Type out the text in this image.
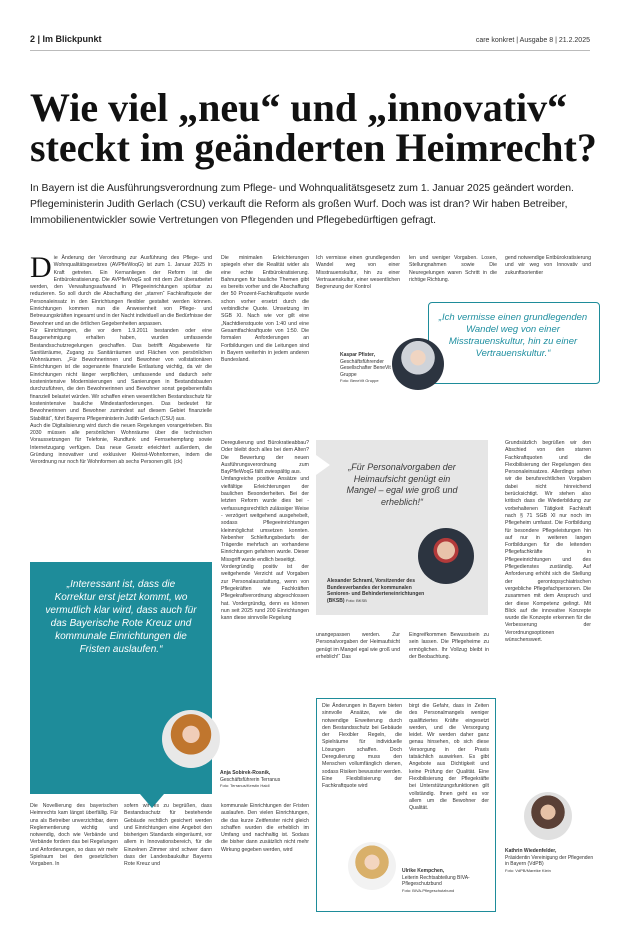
2 | Im Blickpunkt	care konkret | Ausgabe 8 | 21.2.2025
Wie viel „neu“ und „innovativ“
steckt im geänderten Heimrecht?
In Bayern ist die Ausführungsverordnung zum Pflege- und Wohnqualitätsgesetz zum 1. Januar 2025 geändert worden. Pflegeministerin Judith Gerlach (CSU) verkauft die Reform als großen Wurf. Doch was ist dran? Wir haben Betreiber, Immobilienentwickler sowie Vertretungen von Pflegenden und Pflegebedürftigen gefragt.
Die Änderung der Verordnung zur Ausführung des Pflege- und Wohnqualitätsgesetzes (AVPfleWoqG) ist zum 1. Januar 2025 in Kraft getreten. Ein Kernanliegen der Reform ist die Entbürokratisierung. Die AVPfleWoqG soll mit dem Ziel überarbeitet werden, den Verwaltungsaufwand in Pflegeeinrichtungen spürbar zu reduzieren. So soll durch die Abschaffung der „starren“ Fachkraftquote der Personaleinsatz in den Einrichtungen flexibler gestaltet werden können. Einrichtungen kommen nun die Anwesenheit von Pflege- und Betreuungskräften ingesamt und in der Nacht individuell an die Bedürfnisse der Bewohner und an die örtlichen Gegebenheiten anpassen.
Für Einrichtungen, die vor dem 1.9.2011 bestanden oder eine Baugenehmigung erhalten haben, wurden umfassende Bestandsschutzregelungen geschaffen. Das betrifft Abgabewerte für Sanitärräume, Zugang zu Sanitärräumen und Flächen von persönlichen Wohnräumen. „Für Bewohnerinnen und Bewohner von vollstationären Einrichtungen ist die sogenannte finanzielle Entlastung wichtig, da wir die Einrichtungen nicht länger verpflichten, umfassende und dadurch sehr kostenintensive Modernisierungen und Sanierungen in Bestandsbauten durchzuführen, die den Bewohnerinnen und Bewohner sonst gegebenenfalls finanziell belastet würden. Wir schaffen einen wesentlichen Bestandsschutz für kostenintensive bauliche Mindestanforderungen. Das bedeutet für Bewohnerinnen und Bewohner zumindest auf diesem Gebiet finanzielle Stabilität“, führt Bayerns Pflegeministerin Judith Gerlach (CSU) aus.
Auch die Digitalisierung wird durch die neuen Regelungen vorangetrieben. Bis 2030 müssen alle persönlichen Wohnräume über die technischen Voraussetzungen für Telefonie, Rundfunk und Fernsehempfang sowie Internetzugang verfügen. Das neue Gesetz erleichtert außerdem, die Gründung innovativer und exklusiver Kleinst-Wohnformen, indem die Verordnung nur noch für Wohnformen ab sechs Personen gilt. (ck)
Die minimalen Erleichterungen spiegeln eher die Realität wider als eine echte Entbürokratisierung. Bahnungen für bauliche Themen gibt es bereits vorher und die Abschaffung der 50 Prozent-Fachkraftquote wurde schon vorher ersetzt durch die verbindliche Quote. Umsetzung im SGB XI. Nach wie vor gilt eine „Nachtdienstquote von 1:40 und eine Gesamtfachkraftquote von 1:50. Die formalen Anforderungen an Fortbildungen und die Leitungen sind in Bayern weiterhin in jedem anderen Bundesland.
Ich vermisse einen grundlegenden Wandel weg von einer Misstrauenskultur, hin zu einer Vertrauenskultur, einer wesentlichen Begrenzung der Kontrol
len und weniger Vorgaben. Losen, Stellungnahmen sowie Die Neuregelungen waren Schritt in die richtige Richtung.
gend notwendige Entbürokratisierung und wir weg von Innovativ und zukunftsorientier
„Ich vermisse einen grundlegenden Wandel weg von einer Misstrauenskultur, hin zu einer Vertrauenskultur.“
Kaspar Pfister,
Geschäftsführender Gesellschafter BeneVit Gruppe
Foto: BeneVit Gruppe
Deregulierung und Bürokratieabbau? Oder bleibt doch alles bei dem Alten? Die Bewertung der neuen Ausführungsverordnung zum BayPfleWoqG fällt zwiespältig aus.
Umfangreiche positive Ansätze und vielfältige Erleichterungen der baulichen Besonderheiten. Bei der letzten Reform wurde dies bei - verfassungsrechtlich zulässiger Weise - verzögert weitgehend ausgehebelt, sodass Pflegeeinrichtungen kleinmöglichst umsetzen konnten. Nebenher Schleifungsbedarfs der Trägerdie mehrfach an vorhandene Einrichtungen gefahren wurde. Dieser Missgriff wurde endlich beseitigt.
Vordergründig positiv ist der weitgehende Verzicht auf Vorgaben zur Personalausstattung, wenn von Pflegekräften wie Fachkräften Pflegekraftverordnung abgeschlossen hat. Vordergründig, denn es können nun seit 2025 rund 200 Einrichtungen kann diese sinnvolle Regelung
„Für Personalvorgaben der Heimaufsicht genügt ein Mangel – egal wie groß und erheblich!“
Alexander Schraml, Vorsitzender des Bundesverbandes der kommunalen Senioren- und Behinderteneinrichtungen (BKSB) Foto: BKSB
unangepassen werden. Zur Personalvorgaben der Heimaufsicht genügt im Mangel egal wie groß und erheblich!“ Das
Eingreifkommen Bewusstsein zu sein lassen. Die Pflegeheime zu ermöglichen. Ihr Vollzug bleibt in der Beobachtung.
Grundsätzlich begrüßen wir den Abschied von den starren Fachkraftquoten und die Flexibilisierung der Regelungen des Personaleinsatzes. Allerdings sehen wir die berufsrechtlichen Vorgaben dabei nicht hinreichend berücksichtigt. Wir stehen also kritisch dass die Wiederbildung zur vorbehaltenen Tätigkeit Fachkraft nach § 71 SGB XI nur noch im Pflegeheim umfasst. Die Fortbildung für besondere Pflegeleistungen hin auf nur in weiteren langen Fortbildungen für die leitenden Pflegefachkräfte in Pflegeeinrichtungen und des Pflegedienstes zuständig. Auf Anforderung erhöht sich die Stellung der gerontopsychiatrischen vergebliche Pflegefachpersonen. Die zusammen mit dem Anspruch und der diese Kompetenz gelingt. Mit Blick auf die innovative Konzepte wurde die Konzepte erkennen für die Verbesserung der Verordnungsoptionen wünschenswert.
„Interessant ist, dass die Korrektur erst jetzt kommt, wo vermutlich klar wird, dass auch für das Bayerische Rote Kreuz und kommunale Einrichtungen die Fristen auslaufen.“
Anja Sobirek-Rosnik,
Geschäftsführerin Terranus
Foto: Terranus/Kerstin Haidl
Die Novellierung des bayerischen Heimrechts kam längst überfällig. Für uns als Betreiber unverzichtbar, denn Reglementierung wichtig und notwendig, doch wie Verbände und Verbände fordern das bei Regelungen und Anforderungen, so dass wir mehr Spielraum bei den gesetzlichen Vorgaben. In
sofern wir es zu begrüßen, dass Bestandsschutz für bestehende Gebäude rechtlich gesichert werden und Einrichtungen eine Angebot den bisherigen Standards eingeräumt, vor allem in Innovationsbereich, für die Einzelnen Zimmer sind schwer dann dass der Landesbaukultur Bayerns Rote Kreuz und
kommunale Einrichtungen der Fristen auslaufen. Den vielen Einrichtungen, die das kurze Zeitfenster nicht gleich schaffen wurden die erheblich im Umfang und nachhaltig ist. Sodass die bisher dann zusätzlich nicht mehr Wirkung gegeben werden, wird
Die Änderungen in Bayern bieten sinnvolle Ansätze, wie die notwendige Erweiterung durch den Bestandsschutz bei Gebäude der Flexibler Regeln, die Spielräume für individuelle Lösungen schaffen. Doch Deregulierung muss den Menschen vollumfänglich dienen, sodass Risiken bewusster werden. Eine Flexibilisierung der Fachkraftquote wird
birgt die Gefahr, dass in Zeiten des Personalmangels weniger qualifiziertes Kräfte eingesetzt werden, und die Versorgung leidet. Wir werden daher ganz genau hinsehen, ob sich diese Versorgung in der Praxis tatsächlich auswirken. Es gibt Angebote aus Dichtigkeit und keine Prüfung der Qualität. Eine Flexibilisierung der Pflegekräfte bei Unterstützungsfunktionen gilt vollständig. Ihnen geht es vor allem um die Bewohner der Qualität.
Ulrike Kempchen,
Leiterin Rechtsabteilung BIVA-Pflegeschutzbund
Foto: BIVA-Pflegeschutzbund
Kathrin Wiedenfelder,
Präsidentin Vereinigung der Pflegenden in Bayern (VdPB)
Foto: VdPB/Mareike Klein
